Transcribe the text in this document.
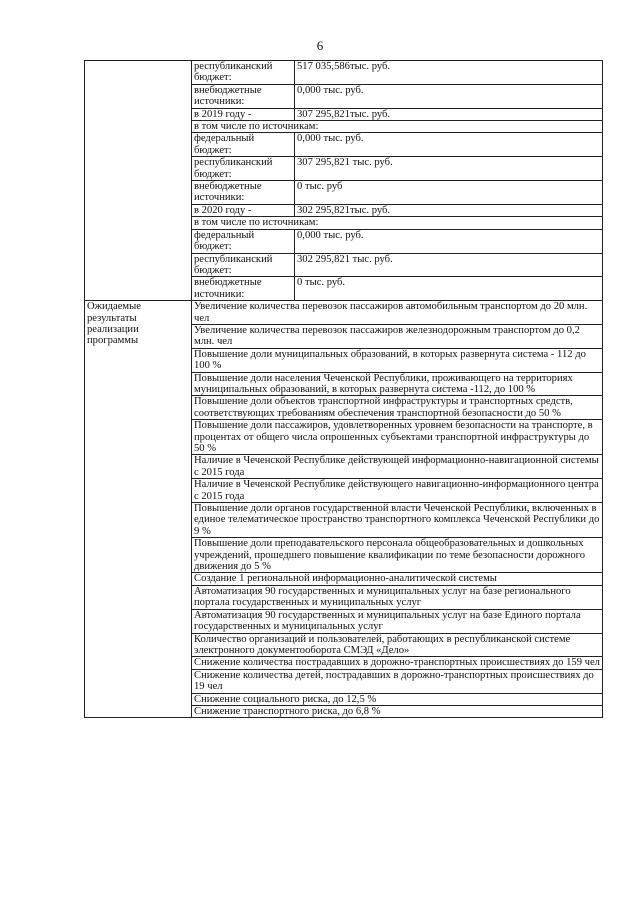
6
	республиканский бюджет:	517 035,586тыс. руб.
	внебюджетные источники:	0,000 тыс. руб.
	в 2019 году -	307 295,821тыс. руб.
	в том числе по источникам:	
	федеральный бюджет:	0,000 тыс. руб.
	республиканский бюджет:	307 295,821 тыс. руб.
	внебюджетные источники:	0 тыс. руб
	в 2020 году -	302 295,821тыс. руб.
	в том числе по источникам:	
	федеральный бюджет:	0,000 тыс. руб.
	республиканский бюджет:	302 295,821 тыс. руб.
	внебюджетные источники:	0 тыс. руб.
Ожидаемые результаты реализации программы	Увеличение количества перевозок пассажиров автомобильным транспортом до 20 млн. чел	
	Увеличение количества перевозок пассажиров железнодорожным транспортом до 0,2 млн. чел	
	Повышение доли муниципальных образований, в которых развернута система - 112 до 100 %	
	Повышение доли населения Чеченской Республики, проживающего на территориях муниципальных образований, в которых развернута система -112, до 100 %	
	Повышение доли объектов транспортной инфраструктуры и транспортных средств, соответствующих требованиям обеспечения транспортной безопасности до 50 %	
	Повышение доли пассажиров, удовлетворенных уровнем безопасности на транспорте, в процентах от общего числа опрошенных субъектами транспортной инфраструктуры до 50 %	
	Наличие в Чеченской Республике действующей информационно-навигационной системы с 2015 года	
	Наличие в Чеченской Республике действующего навигационно-информационного центра с 2015 года	
	Повышение доли органов государственной власти Чеченской Республики, включенных в единое телематическое пространство транспортного комплекса Чеченской Республики до 9 %	
	Повышение доли преподавательского персонала общеобразовательных и дошкольных учреждений, прошедшего повышение квалификации по теме безопасности дорожного движения до 5 %	
	Создание 1 региональной информационно-аналитической системы	
	Автоматизация 90 государственных и муниципальных услуг на базе регионального портала государственных и муниципальных услуг	
	Автоматизация 90 государственных и муниципальных услуг на базе Единого портала государственных и муниципальных услуг	
	Количество организаций и пользователей, работающих в республиканской системе электронного документооборота СМЭД «Дело»	
	Снижение количества пострадавших в дорожно-транспортных происшествиях до 159 чел	
	Снижение количества детей, пострадавших в дорожно-транспортных происшествиях до 19 чел	
	Снижение социального риска, до 12,5 %	
	Снижение транспортного риска, до 6,8 %	
